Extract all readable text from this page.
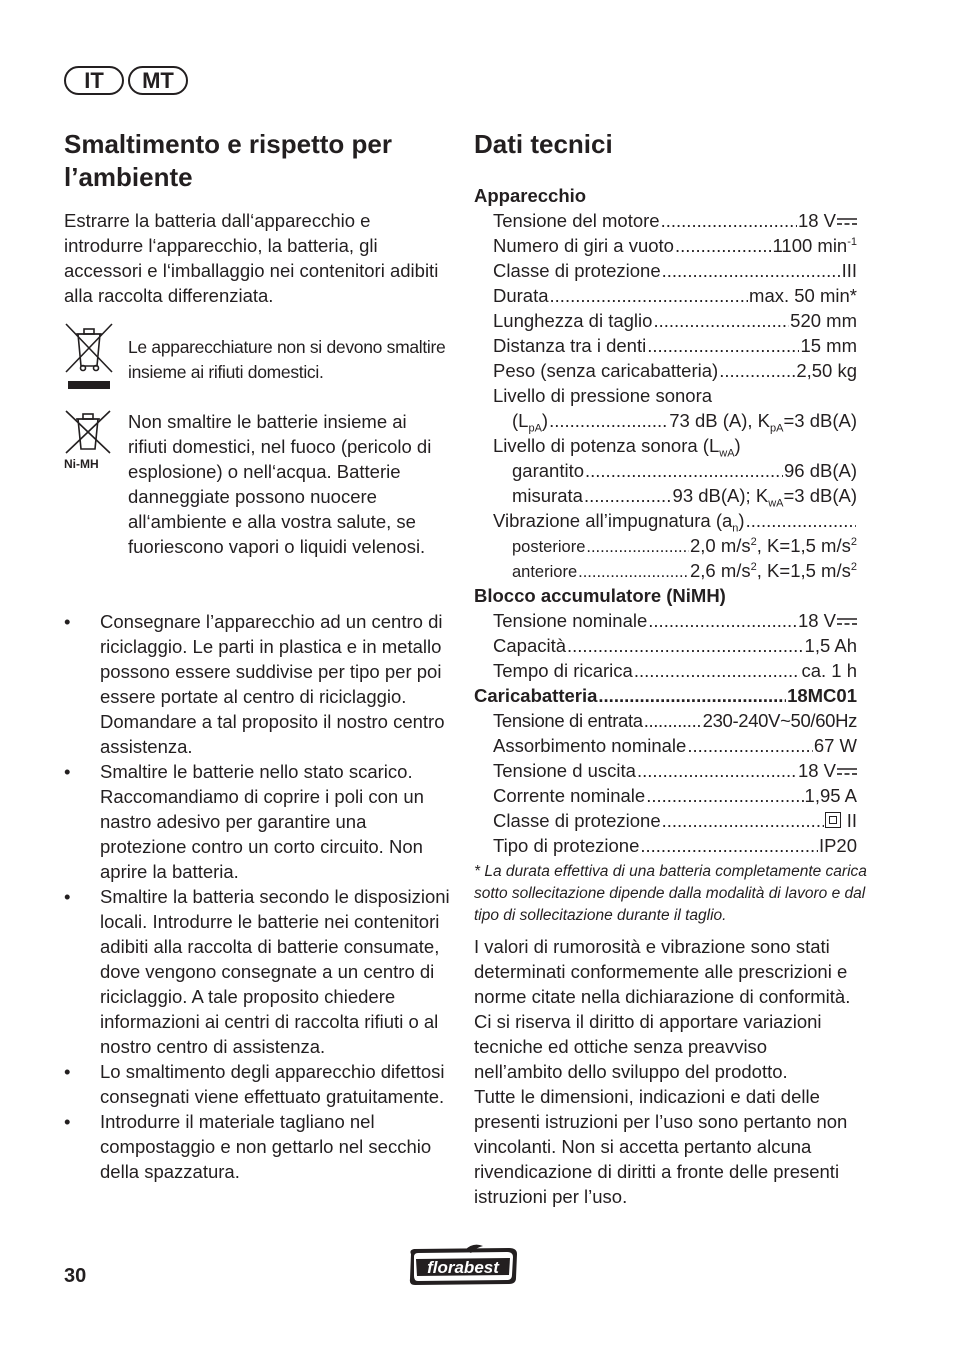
IT	MT
Smaltimento e rispetto per l’ambiente

Estrarre la batteria dall‘apparecchio e introdurre l‘apparecchio, la batteria, gli accessori e l‘imballaggio nei contenitori adibiti alla raccolta differenziata.

Le apparecchiature non si devono smaltire insieme ai rifiuti domestici.
Ni-MH
Non smaltire le batterie insieme ai rifiuti domestici, nel fuoco (pericolo di esplosione) o nell‘acqua. Batterie danneggiate possono nuocere all‘ambiente e alla vostra salute, se fuoriescono vapori o liquidi velenosi.
• Consegnare l’apparecchio ad un centro di riciclaggio. Le parti in plastica e in metallo possono essere suddivise per tipo per poi essere portate al centro di riciclaggio. Domandare a tal proposito il nostro centro assistenza.
• Smaltire le batterie nello stato scarico. Raccomandiamo di coprire i poli con un nastro adesivo per garantire una protezione contro un corto circuito. Non aprire la batteria.
• Smaltire la batteria secondo le disposizioni locali. Introdurre le batterie nei contenitori adibiti alla raccolta di batterie consumate, dove vengono consegnate a un centro di riciclaggio. A tale proposito chiedere informazioni ai centri di raccolta rifiuti o al nostro centro di assistenza.
• Lo smaltimento degli apparecchio difettosi consegnati viene effettuato gratuitamente.
• Introdurre il materiale tagliano nel compostaggio e non gettarlo nel secchio della spazzatura.
Dati tecnici
Apparecchio
Tensione del motore .....	18 V
Numero di giri a vuoto .....	1100 $\min^{-1}$
Classe di protezione .....	III
Durata .....	max. 50 min*
Lunghezza di taglio .....	520 mm
Distanza tra i denti .....	15 mm
Peso (senza caricabatteria) .....	2,50 kg
Livello di pressione sonora
$(L_{pA})$ .....	73 dB (A), $K_{pA}=3$ dB(A)
Livello di potenza sonora $(L_{wA})$
garantito .....	96 dB(A)
misurata .....	93 dB(A); $K_{wA}=3$ dB(A)
Vibrazione all’impugnatura $(a_n)$
.....
posteriore .....	2,0 $m/s^2$, K=1,5 $m/s^2$
anteriore .....	2,6 $m/s^2$, K=1,5 $m/s^2$
Blocco accumulatore (NiMH)
Tensione nominale .....	18 V
Capacità .....	1,5 Ah
Tempo di ricarica .....	ca. 1 h
Caricabatteria .....	18MC01
Tensione di entrata .....	230-240V~50/60Hz
Assorbimento nominale .....	67 W
Tensione d uscita .....	18 V
Corrente nominale .....	1,95 A
Classe di protezione .....	II
Tipo di protezione .....	IP20
* La durata effettiva di una batteria completamente carica sotto sollecitazione dipende dalla modalità di lavoro e dal tipo di sollecitazione durante il taglio.
I valori di rumorosità e vibrazione sono stati determinati conformemente alle prescrizioni e norme citate nella dichiarazione di conformità.
Ci si riserva il diritto di apportare variazioni tecniche ed ottiche senza preavviso nell’ambito dello sviluppo del prodotto.
Tutte le dimensioni, indicazioni e dati delle presenti istruzioni per l’uso sono pertanto non vincolanti. Non si accetta pertanto alcuna rivendicazione di diritti a fronte delle presenti istruzioni per l’uso.
30	florabest
